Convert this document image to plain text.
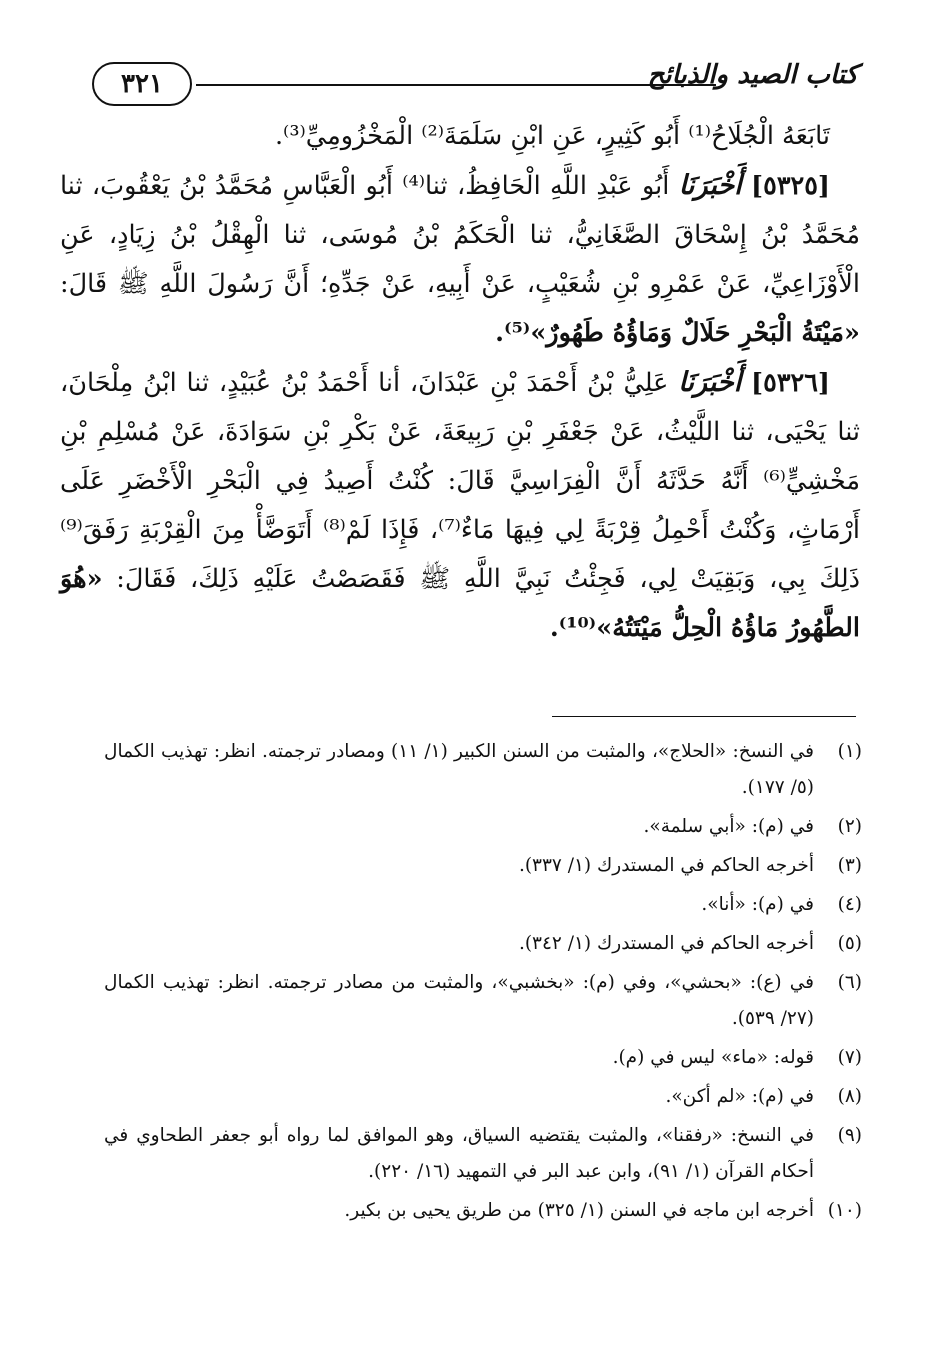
٣٢١	كتاب الصيد والذبائح

تَابَعَهُ الْجُلَاحُ⁽¹⁾ أَبُو كَثِيرٍ، عَنِ ابْنِ سَلَمَةَ⁽²⁾ الْمَخْزُومِيِّ⁽³⁾.

[٥٣٢٥] أَخْبَرَنَا أَبُو عَبْدِ اللَّهِ الْحَافِظُ، ثنا⁽⁴⁾ أَبُو الْعَبَّاسِ مُحَمَّدُ بْنُ يَعْقُوبَ، ثنا مُحَمَّدُ بْنُ إِسْحَاقَ الصَّغَانِيُّ، ثنا الْحَكَمُ بْنُ مُوسَى، ثنا الْهِقْلُ بْنُ زِيَادٍ، عَنِ الْأَوْزَاعِيِّ، عَنْ عَمْرِو بْنِ شُعَيْبٍ، عَنْ أَبِيهِ، عَنْ جَدِّهِ؛ أَنَّ رَسُولَ اللَّهِ ﷺ قَالَ: «مَيْتَةُ الْبَحْرِ حَلَالٌ وَمَاؤُهُ طَهُورٌ»⁽⁵⁾.

[٥٣٢٦] أَخْبَرَنَا عَلِيُّ بْنُ أَحْمَدَ بْنِ عَبْدَانَ، أنا أَحْمَدُ بْنُ عُبَيْدٍ، ثنا ابْنُ مِلْحَانَ، ثنا يَحْيَى، ثنا اللَّيْثُ، عَنْ جَعْفَرِ بْنِ رَبِيعَةَ، عَنْ بَكْرِ بْنِ سَوَادَةَ، عَنْ مُسْلِمِ بْنِ مَخْشِيٍّ⁽⁶⁾ أَنَّهُ حَدَّثَهُ أَنَّ الْفِرَاسِيَّ قَالَ: كُنْتُ أَصِيدُ فِي الْبَحْرِ الْأَخْضَرِ عَلَى أَرْمَاثٍ، وَكُنْتُ أَحْمِلُ قِرْبَةً لِي فِيهَا مَاءٌ⁽⁷⁾، فَإِذَا لَمْ⁽⁸⁾ أَتَوَضَّأْ مِنَ الْقِرْبَةِ رَفَقَ⁽⁹⁾ ذَلِكَ بِي، وَبَقِيَتْ لِي، فَجِئْتُ نَبِيَّ اللَّهِ ﷺ فَقَصَصْتُ عَلَيْهِ ذَلِكَ، فَقَالَ: «هُوَ الطَّهُورُ مَاؤُهُ الْحِلُّ مَيْتَتُهُ»⁽¹⁰⁾.

(١)
في النسخ: «الحلاج»، والمثبت من السنن الكبير (١/ ١١) ومصادر ترجمته. انظر: تهذيب الكمال (٥/ ١٧٧).
(٢)
في (م): «أبي سلمة».
(٣)
أخرجه الحاكم في المستدرك (١/ ٣٣٧).
(٤)
في (م): «أنا».
(٥)
أخرجه الحاكم في المستدرك (١/ ٣٤٢).
(٦)
في (ع): «بحشي»، وفي (م): «بخشبي»، والمثبت من مصادر ترجمته. انظر: تهذيب الكمال (٢٧/ ٥٣٩).
(٧)
قوله: «ماء» ليس في (م).
(٨)
في (م): «لم أكن».
(٩)
في النسخ: «رفقنا»، والمثبت يقتضيه السياق، وهو الموافق لما رواه أبو جعفر الطحاوي في أحكام القرآن (١/ ٩١)، وابن عبد البر في التمهيد (١٦/ ٢٢٠).
(١٠)
أخرجه ابن ماجه في السنن (١/ ٣٢٥) من طريق يحيى بن بكير.
